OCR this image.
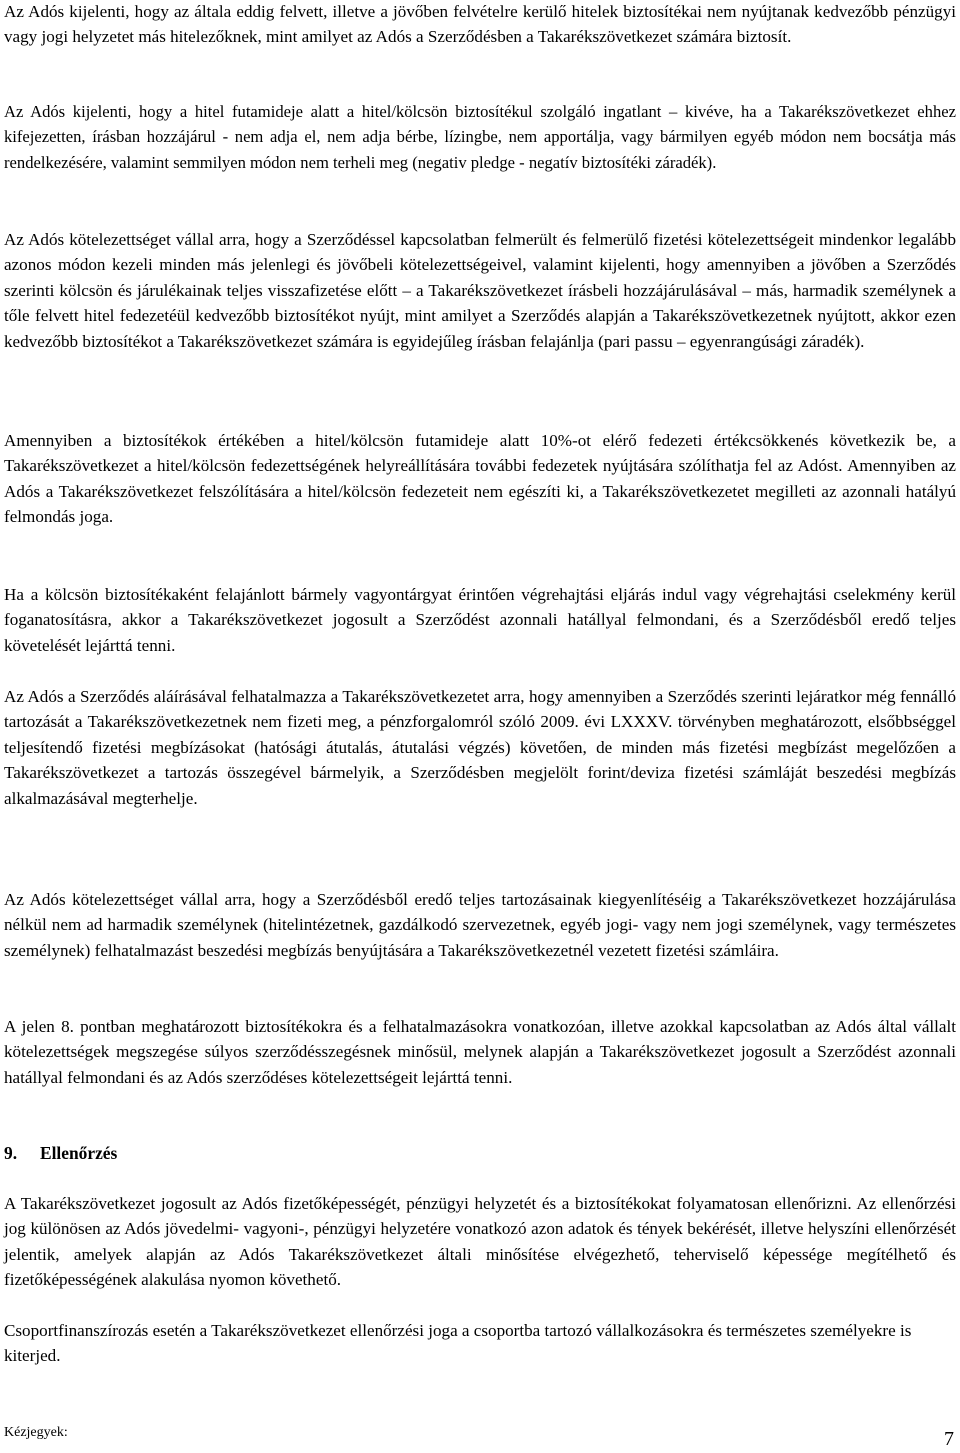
Az Adós kijelenti, hogy az általa eddig felvett, illetve a jövőben felvételre kerülő hitelek biztosítékai nem nyújtanak kedvezőbb pénzügyi vagy jogi helyzetet más hitelezőknek, mint amilyet az Adós a Szerződésben a Takarékszövetkezet számára biztosít.

Az Adós kijelenti, hogy a hitel futamideje alatt a hitel/kölcsön biztosítékul szolgáló ingatlant – kivéve, ha a Takarékszövetkezet ehhez kifejezetten, írásban hozzájárul - nem adja el, nem adja bérbe, lízingbe, nem apportálja, vagy bármilyen egyéb módon nem bocsátja más rendelkezésére, valamint semmilyen módon nem terheli meg (negativ pledge - negatív biztosítéki záradék).

Az Adós kötelezettséget vállal arra, hogy a Szerződéssel kapcsolatban felmerült és felmerülő fizetési kötelezettségeit mindenkor legalább azonos módon kezeli minden más jelenlegi és jövőbeli kötelezettségeivel, valamint kijelenti, hogy amennyiben a jövőben a Szerződés szerinti kölcsön és járulékainak teljes visszafizetése előtt – a Takarékszövetkezet írásbeli hozzájárulásával – más, harmadik személynek a tőle felvett hitel fedezetéül kedvezőbb biztosítékot nyújt, mint amilyet a Szerződés alapján a Takarékszövetkezetnek nyújtott, akkor ezen kedvezőbb biztosítékot a Takarékszövetkezet számára is egyidejűleg írásban felajánlja (pari passu – egyenrangúsági záradék).

Amennyiben a biztosítékok értékében a hitel/kölcsön futamideje alatt 10%-ot elérő fedezeti értékcsökkenés következik be, a Takarékszövetkezet a hitel/kölcsön fedezettségének helyreállítására további fedezetek nyújtására szólíthatja fel az Adóst. Amennyiben az Adós a Takarékszövetkezet felszólítására a hitel/kölcsön fedezeteit nem egészíti ki, a Takarékszövetkezetet megilleti az azonnali hatályú felmondás joga.

Ha a kölcsön biztosítékaként felajánlott bármely vagyontárgyat érintően végrehajtási eljárás indul vagy végrehajtási cselekmény kerül foganatosításra, akkor a Takarékszövetkezet jogosult a Szerződést azonnali hatállyal felmondani, és a Szerződésből eredő teljes követelését lejárttá tenni.

Az Adós a Szerződés aláírásával felhatalmazza a Takarékszövetkezetet arra, hogy amennyiben a Szerződés szerinti lejáratkor még fennálló tartozását a Takarékszövetkezetnek nem fizeti meg, a pénzforgalomról szóló 2009. évi LXXXV. törvényben meghatározott, elsőbbséggel teljesítendő fizetési megbízásokat (hatósági átutalás, átutalási végzés) követően, de minden más fizetési megbízást megelőzően a Takarékszövetkezet a tartozás összegével bármelyik, a Szerződésben megjelölt forint/deviza fizetési számláját beszedési megbízás alkalmazásával megterhelje.

Az Adós kötelezettséget vállal arra, hogy a Szerződésből eredő teljes tartozásainak kiegyenlítéséig a Takarékszövetkezet hozzájárulása nélkül nem ad harmadik személynek (hitelintézetnek, gazdálkodó szervezetnek, egyéb jogi- vagy nem jogi személynek, vagy természetes személynek) felhatalmazást beszedési megbízás benyújtására a Takarékszövetkezetnél vezetett fizetési számláira.

A jelen 8. pontban meghatározott biztosítékokra és a felhatalmazásokra vonatkozóan, illetve azokkal kapcsolatban az Adós által vállalt kötelezettségek megszegése súlyos szerződésszegésnek minősül, melynek alapján a Takarékszövetkezet jogosult a Szerződést azonnali hatállyal felmondani és az Adós szerződéses kötelezettségeit lejárttá tenni.

9. Ellenőrzés

A Takarékszövetkezet jogosult az Adós fizetőképességét, pénzügyi helyzetét és a biztosítékokat folyamatosan ellenőrizni. Az ellenőrzési jog különösen az Adós jövedelmi- vagyoni-, pénzügyi helyzetére vonatkozó azon adatok és tények bekérését, illetve helyszíni ellenőrzését jelentik, amelyek alapján az Adós Takarékszövetkezet általi minősítése elvégezhető, teherviselő képessége megítélhető és fizetőképességének alakulása nyomon követhető.

Csoportfinanszírozás esetén a Takarékszövetkezet ellenőrzési joga a csoportba tartozó vállalkozásokra és természetes személyekre is kiterjed.

Kézjegyek:	7
